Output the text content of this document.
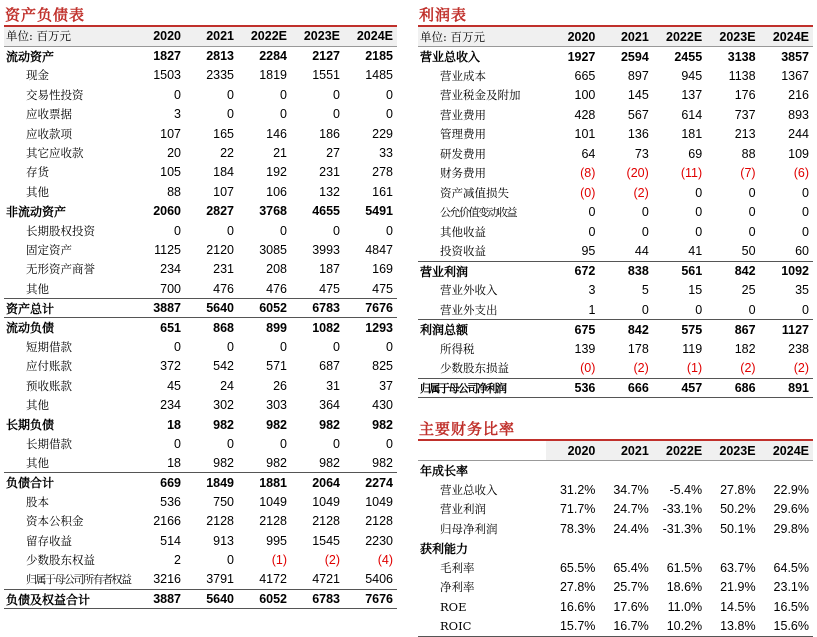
资产负债表
单位: 百万元	2020	2021	2022E	2023E	2024E
流动资产	1827	2813	2284	2127	2185
现金	1503	2335	1819	1551	1485
交易性投资	0	0	0	0	0
应收票据	3	0	0	0	0
应收款项	107	165	146	186	229
其它应收款	20	22	21	27	33
存货	105	184	192	231	278
其他	88	107	106	132	161
非流动资产	2060	2827	3768	4655	5491
长期股权投资	0	0	0	0	0
固定资产	1125	2120	3085	3993	4847
无形资产商誉	234	231	208	187	169
其他	700	476	476	475	475
资产总计	3887	5640	6052	6783	7676
流动负债	651	868	899	1082	1293
短期借款	0	0	0	0	0
应付账款	372	542	571	687	825
预收账款	45	24	26	31	37
其他	234	302	303	364	430
长期负债	18	982	982	982	982
长期借款	0	0	0	0	0
其他	18	982	982	982	982
负债合计	669	1849	1881	2064	2274
股本	536	750	1049	1049	1049
资本公积金	2166	2128	2128	2128	2128
留存收益	514	913	995	1545	2230
少数股东权益	2	0	(1)	(2)	(4)
归属于母公司所有者权益	3216	3791	4172	4721	5406
负债及权益合计	3887	5640	6052	6783	7676
利润表
单位: 百万元	2020	2021	2022E	2023E	2024E
营业总收入	1927	2594	2455	3138	3857
营业成本	665	897	945	1138	1367
营业税金及附加	100	145	137	176	216
营业费用	428	567	614	737	893
管理费用	101	136	181	213	244
研发费用	64	73	69	88	109
财务费用	(8)	(20)	(11)	(7)	(6)
资产减值损失	(0)	(2)	0	0	0
公允价值变动收益	0	0	0	0	0
其他收益	0	0	0	0	0
投资收益	95	44	41	50	60
营业利润	672	838	561	842	1092
营业外收入	3	5	15	25	35
营业外支出	1	0	0	0	0
利润总额	675	842	575	867	1127
所得税	139	178	119	182	238
少数股东损益	(0)	(2)	(1)	(2)	(2)
归属于母公司净利润	536	666	457	686	891
主要财务比率
	2020	2021	2022E	2023E	2024E
年成长率					
营业总收入	31.2%	34.7%	-5.4%	27.8%	22.9%
营业利润	71.7%	24.7%	-33.1%	50.2%	29.6%
归母净利润	78.3%	24.4%	-31.3%	50.1%	29.8%
获利能力					
毛利率	65.5%	65.4%	61.5%	63.7%	64.5%
净利率	27.8%	25.7%	18.6%	21.9%	23.1%
ROE	16.6%	17.6%	11.0%	14.5%	16.5%
ROIC	15.7%	16.7%	10.2%	13.8%	15.6%
